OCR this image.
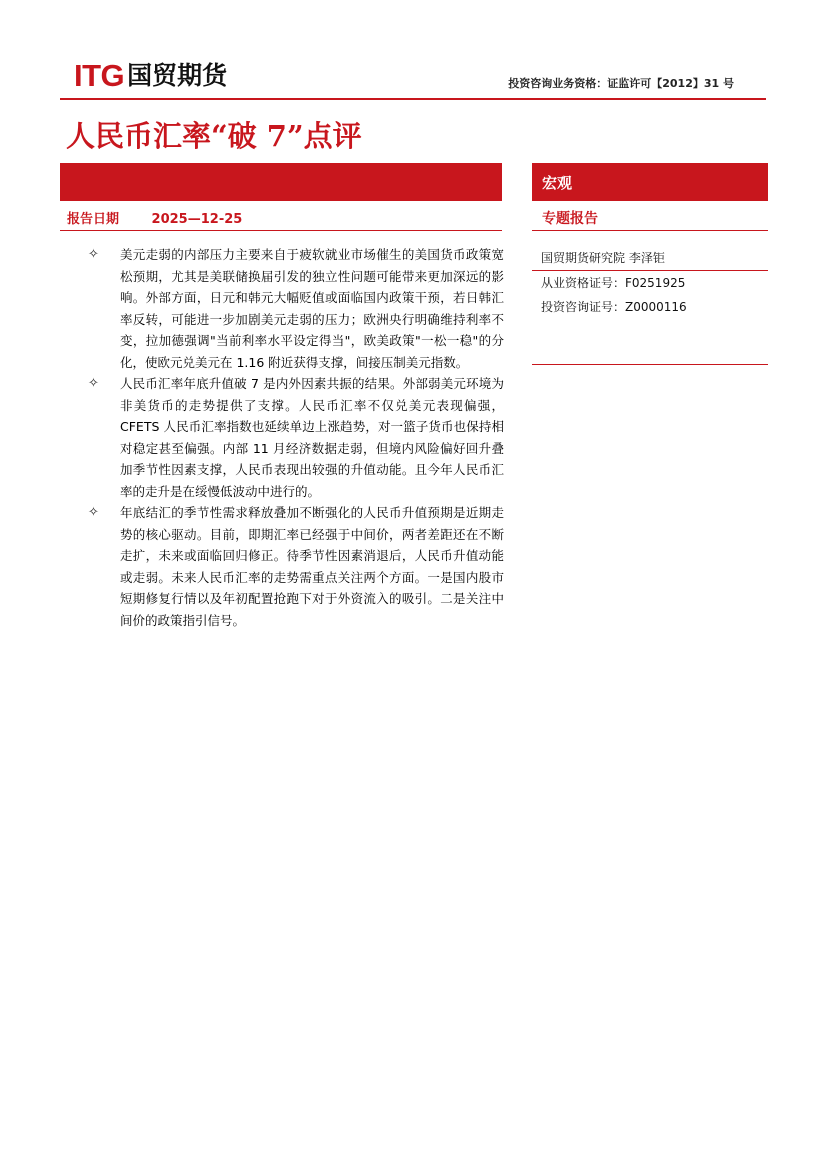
ITG 国贸期货	投资咨询业务资格：证监许可【2012】31 号
人民币汇率“破 7”点评
报告日期	2025—12-25
✧ 美元走弱的内部压力主要来自于疲软就业市场催生的美国货币政策宽松预期，尤其是美联储换届引发的独立性问题可能带来更加深远的影响。外部方面，日元和韩元大幅贬值或面临国内政策干预，若日韩汇率反转，可能进一步加剧美元走弱的压力；欧洲央行明确维持利率不变，拉加德强调"当前利率水平设定得当"，欧美政策"一松一稳"的分化，使欧元兑美元在 1.16 附近获得支撑，间接压制美元指数。
✧ 人民币汇率年底升值破 7 是内外因素共振的结果。外部弱美元环境为非美货币的走势提供了支撑。人民币汇率不仅兑美元表现偏强，CFETS 人民币汇率指数也延续单边上涨趋势，对一篮子货币也保持相对稳定甚至偏强。内部 11 月经济数据走弱，但境内风险偏好回升叠加季节性因素支撑，人民币表现出较强的升值动能。且今年人民币汇率的走升是在绥慢低波动中进行的。
✧ 年底结汇的季节性需求释放叠加不断强化的人民币升值预期是近期走势的核心驱动。目前，即期汇率已经强于中间价，两者差距还在不断走扩，未来或面临回归修正。待季节性因素消退后，人民币升值动能或走弱。未来人民币汇率的走势需重点关注两个方面。一是国内股市短期修复行情以及年初配置抢跑下对于外资流入的吸引。二是关注中间价的政策指引信号。
宏观
专题报告
国贸期货研究院 李泽钜
从业资格证号：F0251925
投资咨询证号：Z0000116
